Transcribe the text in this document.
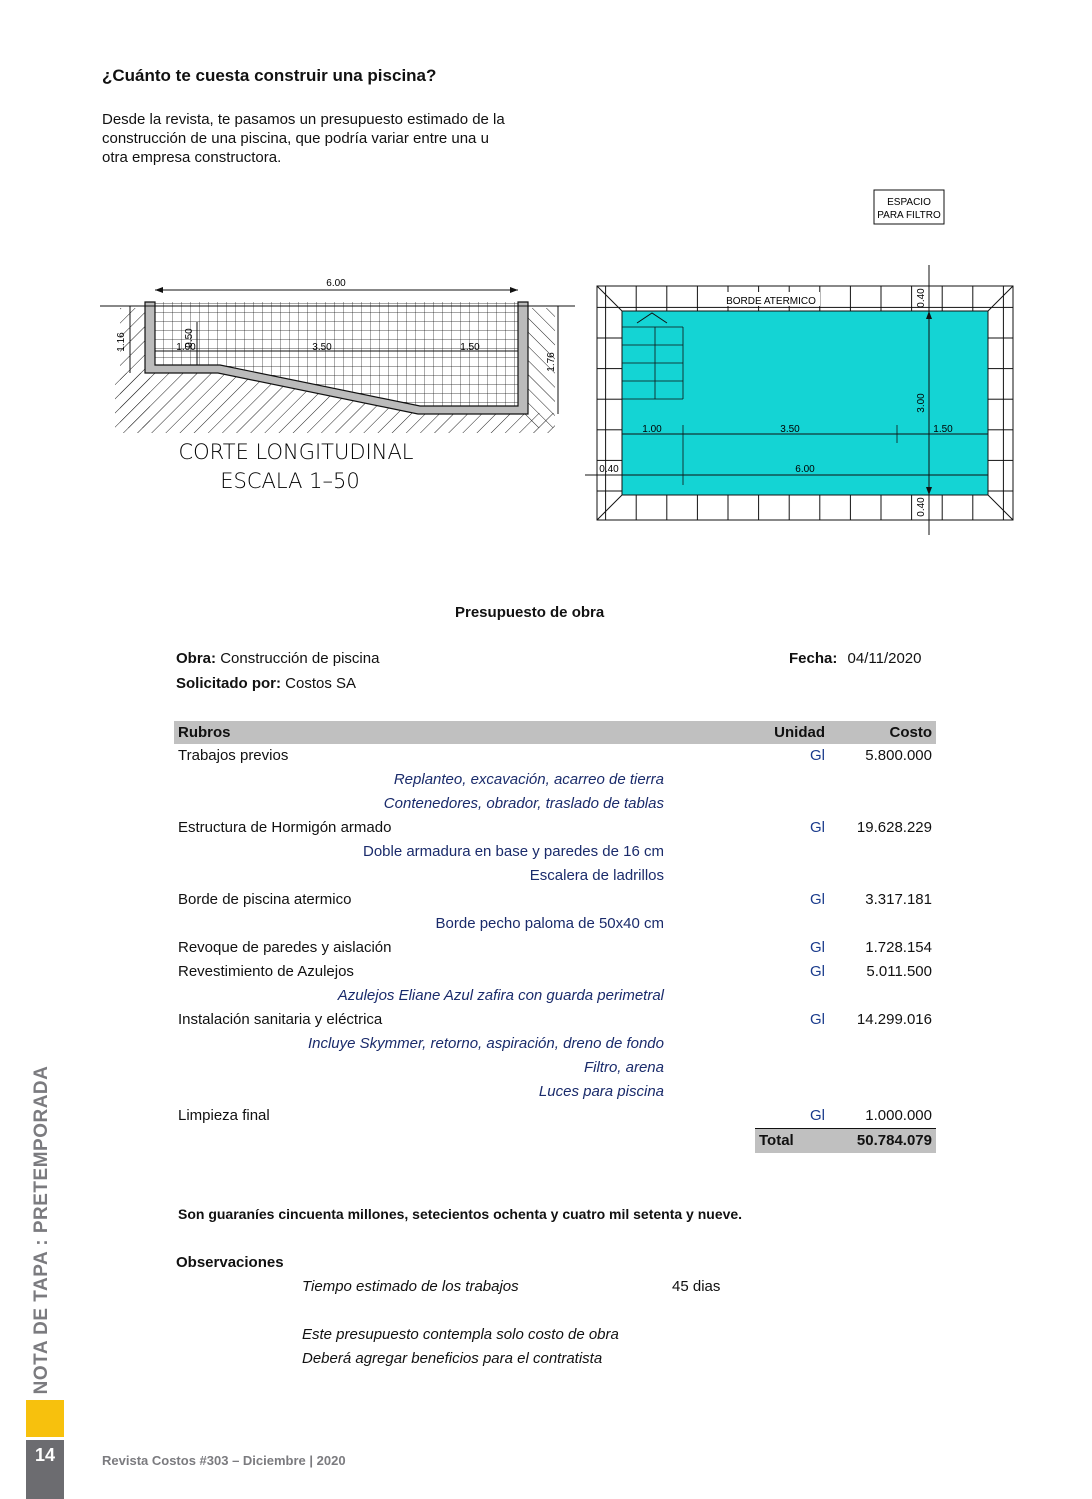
¿Cuánto te cuesta construir una piscina?
Desde la revista, te pasamos un presupuesto estimado de la
construcción de una piscina, que podría variar entre una u
otra empresa constructora.
6.00
1.00	3.50	1.50
1.16	0.50
1.76
CORTE LONGITUDINAL
ESCALA 1–50
ESPACIO
PARA FILTRO
BORDE ATERMICO	0.40
3.00
0.40
1.00	3.50	1.50
6.00
0.40
Presupuesto de obra
Obra: Construcción de piscina
Solicitado por: Costos SA
Fecha: 04/11/2020
Rubros	Unidad	Costo
Trabajos previos	Gl	5.800.000
Replanteo, excavación, acarreo de tierra		
Contenedores, obrador, traslado de tablas		
Estructura de Hormigón armado	Gl	19.628.229
Doble armadura en base y paredes de 16 cm		
Escalera de ladrillos		
Borde de piscina atermico	Gl	3.317.181
Borde pecho paloma de 50x40 cm		
Revoque de paredes y aislación	Gl	1.728.154
Revestimiento de Azulejos	Gl	5.011.500
Azulejos Eliane Azul zafira con guarda perimetral		
Instalación sanitaria y eléctrica	Gl	14.299.016
Incluye Skymmer, retorno, aspiración, dreno de fondo		
Filtro, arena		
Luces para piscina		
Limpieza final	Gl	1.000.000
	Total	50.784.079
Son guaraníes cincuenta millones, setecientos ochenta y cuatro mil setenta y nueve.
Observaciones
Tiempo estimado de los trabajos	45 dias
Este presupuesto contempla solo costo de obra
Deberá agregar beneficios para el contratista
NOTA DE TAPA : PRETEMPORADA
14	Revista Costos #303 – Diciembre | 2020
